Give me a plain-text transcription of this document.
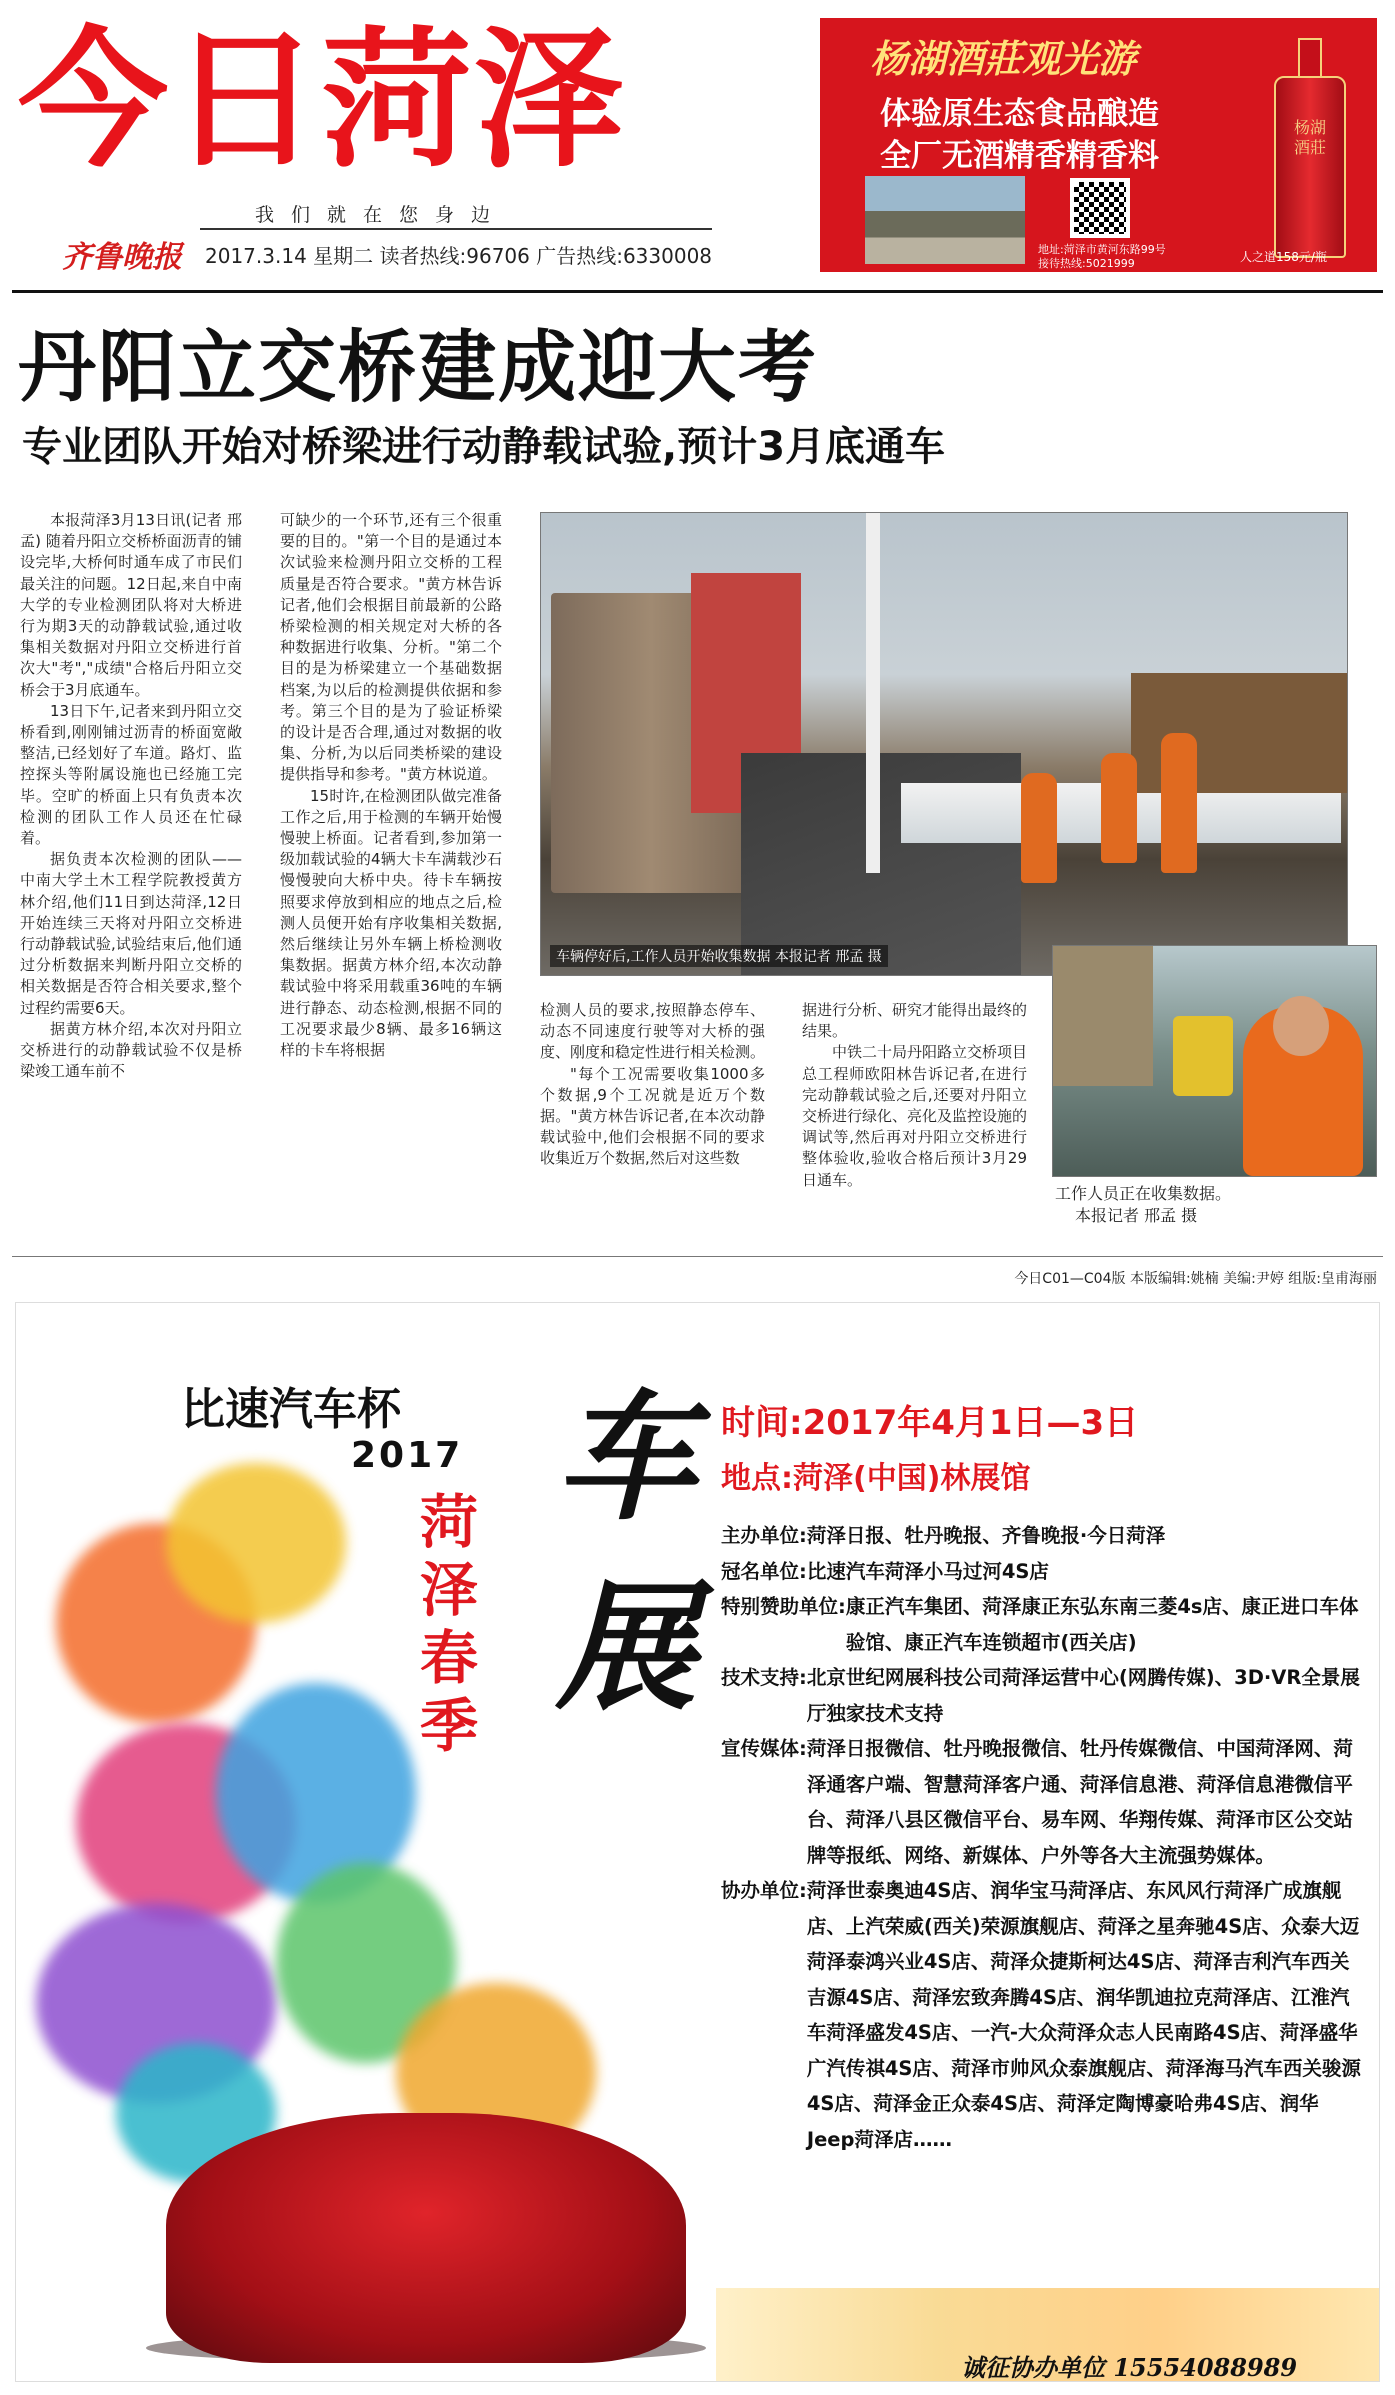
今日菏泽
我们就在您身边
齐鲁晚报 2017.3.14 星期二 读者热线:96706 广告热线:6330008
杨湖酒莊观光游
体验原生态食品酿造
全厂无酒精香精香料
地址:菏泽市黄河东路99号
接待热线:5021999
杨湖酒莊
人之道158元/瓶
丹阳立交桥建成迎大考
专业团队开始对桥梁进行动静载试验,预计3月底通车

本报菏泽3月13日讯(记者 邢孟) 随着丹阳立交桥桥面沥青的铺设完毕,大桥何时通车成了市民们最关注的问题。12日起,来自中南大学的专业检测团队将对大桥进行为期3天的动静载试验,通过收集相关数据对丹阳立交桥进行首次大"考","成绩"合格后丹阳立交桥会于3月底通车。

13日下午,记者来到丹阳立交桥看到,刚刚铺过沥青的桥面宽敞整洁,已经划好了车道。路灯、监控探头等附属设施也已经施工完毕。空旷的桥面上只有负责本次检测的团队工作人员还在忙碌着。

据负责本次检测的团队——中南大学土木工程学院教授黄方林介绍,他们11日到达菏泽,12日开始连续三天将对丹阳立交桥进行动静载试验,试验结束后,他们通过分析数据来判断丹阳立交桥的相关数据是否符合相关要求,整个过程约需要6天。

据黄方林介绍,本次对丹阳立交桥进行的动静载试验不仅是桥梁竣工通车前不

可缺少的一个环节,还有三个很重要的目的。"第一个目的是通过本次试验来检测丹阳立交桥的工程质量是否符合要求。"黄方林告诉记者,他们会根据目前最新的公路桥梁检测的相关规定对大桥的各种数据进行收集、分析。"第二个目的是为桥梁建立一个基础数据档案,为以后的检测提供依据和参考。第三个目的是为了验证桥梁的设计是否合理,通过对数据的收集、分析,为以后同类桥梁的建设提供指导和参考。"黄方林说道。

15时许,在检测团队做完准备工作之后,用于检测的车辆开始慢慢驶上桥面。记者看到,参加第一级加载试验的4辆大卡车满载沙石慢慢驶向大桥中央。待卡车辆按照要求停放到相应的地点之后,检测人员便开始有序收集相关数据,然后继续让另外车辆上桥检测收集数据。据黄方林介绍,本次动静载试验中将采用载重36吨的车辆进行静态、动态检测,根据不同的工况要求最少8辆、最多16辆这样的卡车将根据

车辆停好后,工作人员开始收集数据 本报记者 邢孟 摄

检测人员的要求,按照静态停车、动态不同速度行驶等对大桥的强度、刚度和稳定性进行相关检测。

"每个工况需要收集1000多个数据,9个工况就是近万个数据。"黄方林告诉记者,在本次动静载试验中,他们会根据不同的要求收集近万个数据,然后对这些数

据进行分析、研究才能得出最终的结果。

中铁二十局丹阳路立交桥项目总工程师欧阳林告诉记者,在进行完动静载试验之后,还要对丹阳立交桥进行绿化、亮化及监控设施的调试等,然后再对丹阳立交桥进行整体验收,验收合格后预计3月29日通车。

工作人员正在收集数据。
本报记者 邢孟 摄
今日C01—C04版 本版编辑:姚楠 美编:尹婷 组版:皇甫海丽
比速汽车杯
2017
菏泽春季
车展
时间:2017年4月1日—3日
地点:菏泽(中国)林展馆
主办单位: 菏泽日报、牡丹晚报、齐鲁晚报·今日菏泽
冠名单位: 比速汽车菏泽小马过河4S店
特别赞助单位: 康正汽车集团、菏泽康正东弘东南三菱4s店、康正进口车体验馆、康正汽车连锁超市(西关店)
技术支持: 北京世纪网展科技公司菏泽运营中心(网腾传媒)、3D·VR全景展厅独家技术支持
宣传媒体: 菏泽日报微信、牡丹晚报微信、牡丹传媒微信、中国菏泽网、菏泽通客户端、智慧菏泽客户通、菏泽信息港、菏泽信息港微信平台、菏泽八县区微信平台、易车网、华翔传媒、菏泽市区公交站牌等报纸、网络、新媒体、户外等各大主流强势媒体。
协办单位: 菏泽世泰奥迪4S店、润华宝马菏泽店、东风风行菏泽广成旗舰店、上汽荣威(西关)荣源旗舰店、菏泽之星奔驰4S店、众泰大迈菏泽泰鸿兴业4S店、菏泽众捷斯柯达4S店、菏泽吉利汽车西关吉源4S店、菏泽宏致奔腾4S店、润华凯迪拉克菏泽店、江淮汽车菏泽盛发4S店、一汽-大众菏泽众志人民南路4S店、菏泽盛华广汽传祺4S店、菏泽市帅风众泰旗舰店、菏泽海马汽车西关骏源4S店、菏泽金正众泰4S店、菏泽定陶博豪哈弗4S店、润华Jeep菏泽店……
诚征协办单位 15554088989
